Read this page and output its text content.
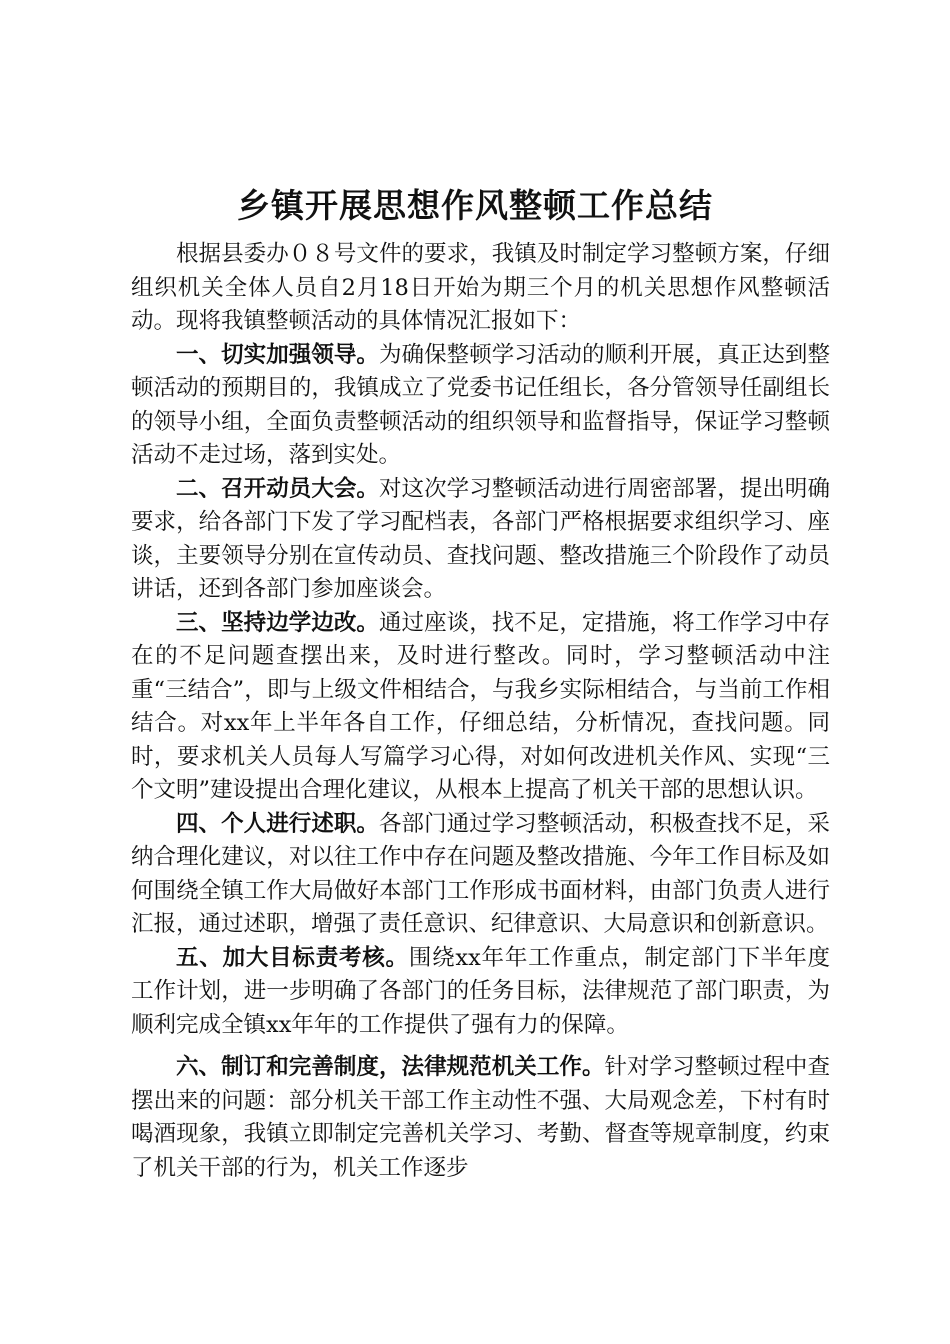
乡镇开展思想作风整顿工作总结

根据县委办０８号文件的要求，我镇及时制定学习整顿方案，仔细组织机关全体人员自2月18日开始为期三个月的机关思想作风整顿活动。现将我镇整顿活动的具体情况汇报如下：

一、切实加强领导。为确保整顿学习活动的顺利开展，真正达到整顿活动的预期目的，我镇成立了党委书记任组长，各分管领导任副组长的领导小组，全面负责整顿活动的组织领导和监督指导，保证学习整顿活动不走过场，落到实处。

二、召开动员大会。对这次学习整顿活动进行周密部署，提出明确要求，给各部门下发了学习配档表，各部门严格根据要求组织学习、座谈，主要领导分别在宣传动员、查找问题、整改措施三个阶段作了动员讲话，还到各部门参加座谈会。

三、坚持边学边改。通过座谈，找不足，定措施，将工作学习中存在的不足问题查摆出来，及时进行整改。同时，学习整顿活动中注重“三结合”，即与上级文件相结合，与我乡实际相结合，与当前工作相结合。对xx年上半年各自工作，仔细总结，分析情况，查找问题。同时，要求机关人员每人写篇学习心得，对如何改进机关作风、实现“三个文明”建设提出合理化建议，从根本上提高了机关干部的思想认识。

四、个人进行述职。各部门通过学习整顿活动，积极查找不足，采纳合理化建议，对以往工作中存在问题及整改措施、今年工作目标及如何围绕全镇工作大局做好本部门工作形成书面材料，由部门负责人进行汇报，通过述职，增强了责任意识、纪律意识、大局意识和创新意识。

五、加大目标责考核。围绕xx年年工作重点，制定部门下半年度工作计划，进一步明确了各部门的任务目标，法律规范了部门职责，为顺利完成全镇xx年年的工作提供了强有力的保障。

六、制订和完善制度，法律规范机关工作。针对学习整顿过程中查摆出来的问题：部分机关干部工作主动性不强、大局观念差，下村有时喝酒现象，我镇立即制定完善机关学习、考勤、督查等规章制度，约束了机关干部的行为，机关工作逐步
